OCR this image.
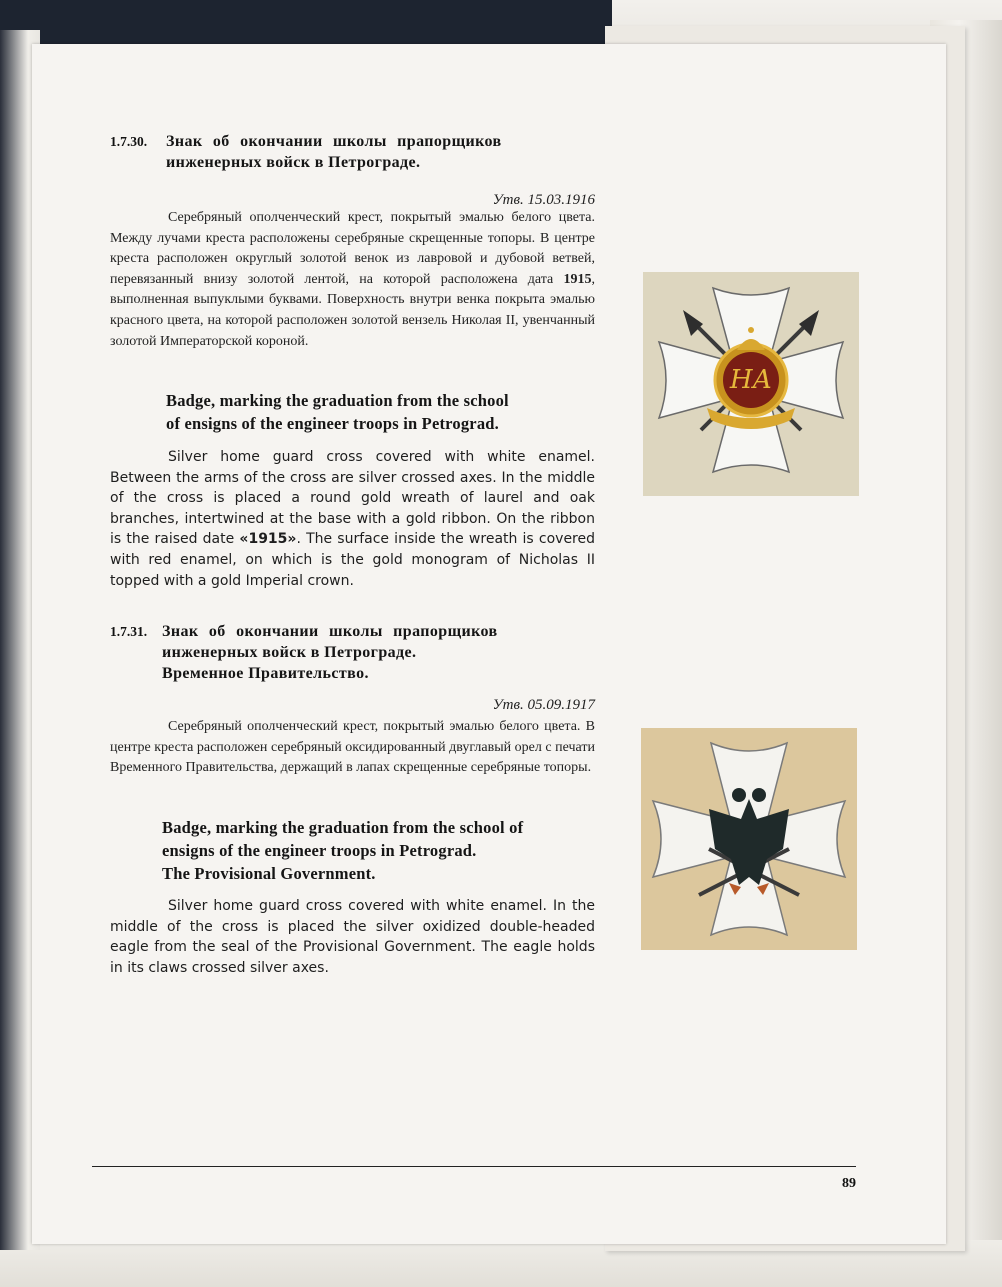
1.7.30. Знак об окончании школы прапорщиков
инженерных войск в Петрограде.
Утв. 15.03.1916

Серебряный ополченческий крест, покрытый эмалью белого цвета. Между лучами креста расположены серебряные скрещенные топоры. В центре креста расположен округлый золотой венок из лавровой и дубовой ветвей, перевязанный внизу золотой лентой, на которой расположена дата 1915, выполненная выпуклыми буквами. Поверхность внутри венка покрыта эмалью красного цвета, на которой расположен золотой вензель Николая II, увенчанный золотой Императорской короной.

Badge, marking the graduation from the school
of ensigns of the engineer troops in Petrograd.

Silver home guard cross covered with white enamel. Between the arms of the cross are silver crossed axes. In the middle of the cross is placed a round gold wreath of laurel and oak branches, intertwined at the base with a gold ribbon. On the ribbon is the raised date «1915». The surface inside the wreath is covered with red enamel, on which is the gold monogram of Nicholas II topped with a gold Imperial crown.

НА
1.7.31. Знак об окончании школы прапорщиков
инженерных войск в Петрограде.
Временное Правительство.
Утв. 05.09.1917

Серебряный ополченческий крест, покрытый эмалью белого цвета. В центре креста расположен серебряный оксидированный двуглавый орел с печати Временного Правительства, держащий в лапах скрещенные серебряные топоры.

Badge, marking the graduation from the school of
ensigns of the engineer troops in Petrograd.
The Provisional Government.

Silver home guard cross covered with white enamel. In the middle of the cross is placed the silver oxidized double-headed eagle from the seal of the Provisional Government. The eagle holds in its claws crossed silver axes.

89
